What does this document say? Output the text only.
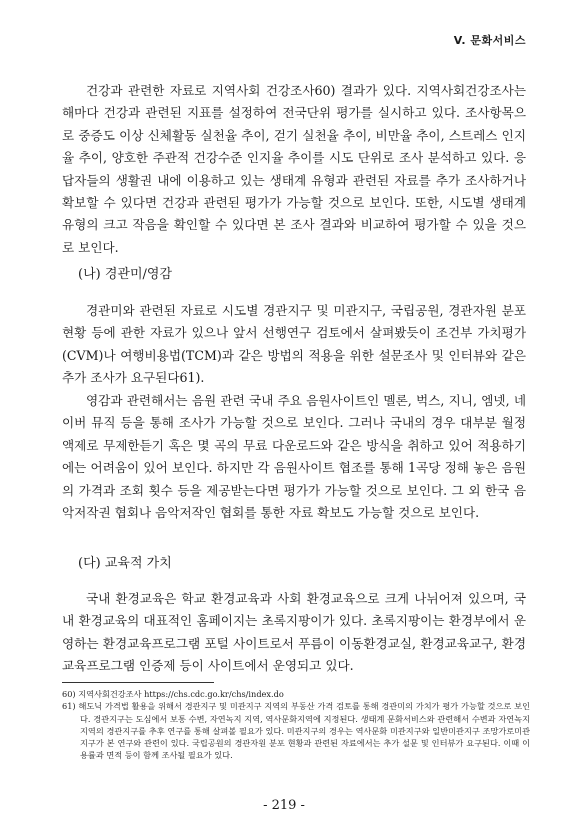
V. 문화서비스

건강과 관련한 자료로 지역사회 건강조사60) 결과가 있다. 지역사회건강조사는 해마다 건강과 관련된 지표를 설정하여 전국단위 평가를 실시하고 있다. 조사항목으로 중증도 이상 신체활동 실천율 추이, 걷기 실천율 추이, 비만율 추이, 스트레스 인지율 추이, 양호한 주관적 건강수준 인지율 추이를 시도 단위로 조사 분석하고 있다. 응답자들의 생활권 내에 이용하고 있는 생태계 유형과 관련된 자료를 추가 조사하거나 확보할 수 있다면 건강과 관련된 평가가 가능할 것으로 보인다. 또한, 시도별 생태계 유형의 크고 작음을 확인할 수 있다면 본 조사 결과와 비교하여 평가할 수 있을 것으로 보인다.

(나) 경관미/영감

경관미와 관련된 자료로 시도별 경관지구 및 미관지구, 국립공원, 경관자원 분포 현황 등에 관한 자료가 있으나 앞서 선행연구 검토에서 살펴봤듯이 조건부 가치평가(CVM)나 여행비용법(TCM)과 같은 방법의 적용을 위한 설문조사 및 인터뷰와 같은 추가 조사가 요구된다61).

영감과 관련해서는 음원 관련 국내 주요 음원사이트인 멜론, 벅스, 지니, 엠넷, 네이버 뮤직 등을 통해 조사가 가능할 것으로 보인다. 그러나 국내의 경우 대부분 월정액제로 무제한듣기 혹은 몇 곡의 무료 다운로드와 같은 방식을 취하고 있어 적용하기에는 어려움이 있어 보인다. 하지만 각 음원사이트 협조를 통해 1곡당 정해 놓은 음원의 가격과 조회 횟수 등을 제공받는다면 평가가 가능할 것으로 보인다. 그 외 한국 음악저작권 협회나 음악저작인 협회를 통한 자료 확보도 가능할 것으로 보인다.

(다) 교육적 가치

국내 환경교육은 학교 환경교육과 사회 환경교육으로 크게 나뉘어져 있으며, 국내 환경교육의 대표적인 홈페이지는 초록지팡이가 있다. 초록지팡이는 환경부에서 운영하는 환경교육프로그램 포털 사이트로서 푸름이 이동환경교실, 환경교육교구, 환경교육프로그램 인증제 등이 사이트에서 운영되고 있다.

60) 지역사회건강조사 https://chs.cdc.go.kr/chs/index.do

61) 해도닉 가격법 활용을 위해서 경관지구 및 미관지구 지역의 부동산 가격 검토를 통해 경관미의 가치가 평가 가능할 것으로 보인다. 경관지구는 도심에서 보통 수변, 자연녹지 지역, 역사문화지역에 지정된다. 생태계 문화서비스와 관련해서 수변과 자연녹지 지역의 경관지구를 추후 연구를 통해 살펴볼 필요가 있다. 미관지구의 경우는 역사문화 미관지구와 일반미관지구 조망가로미관지구가 본 연구와 관련이 있다. 국립공원의 경관자원 분포 현황과 관련된 자료에서는 추가 설문 및 인터뷰가 요구된다. 이때 이용률과 면적 등이 함께 조사될 필요가 있다.

- 219 -
